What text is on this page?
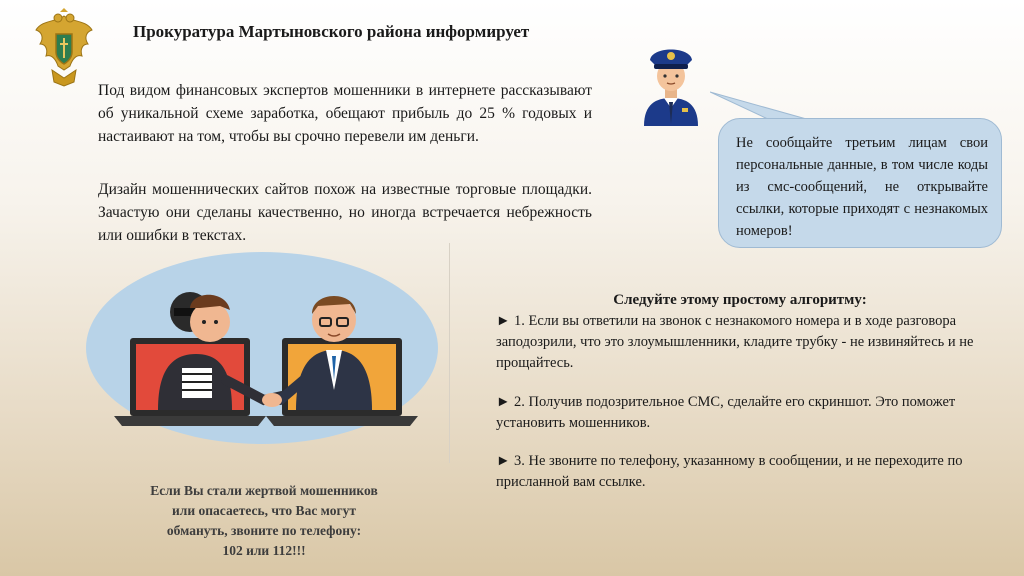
Прокуратура Мартыновского района информирует

Под видом финансовых экспертов мошенники в интернете рассказывают об уникальной схеме заработка, обещают прибыль до 25 % годовых и настаивают на том, чтобы вы срочно перевели им деньги.

Дизайн мошеннических сайтов похож на известные торговые площадки. Зачастую они сделаны качественно, но иногда встречается небрежность или ошибки в текстах.

Не сообщайте третьим лицам свои персональные данные, в том числе коды из смс-сообщений, не открывайте ссылки, которые приходят с незнакомых номеров!

Следуйте этому простому алгоритму:

► 1. Если вы ответили на звонок с незнакомого номера и в ходе разговора заподозрили, что это злоумышленники, кладите трубку - не извиняйтесь и не прощайтесь.

► 2. Получив подозрительное СМС, сделайте его скриншот. Это поможет установить мошенников.

► 3. Не звоните по телефону, указанному в сообщении, и не переходите по присланной вам ссылке.

Если Вы стали жертвой мошенников
или опасаетесь, что Вас могут
обмануть, звоните по телефону:
102 или 112!!!
